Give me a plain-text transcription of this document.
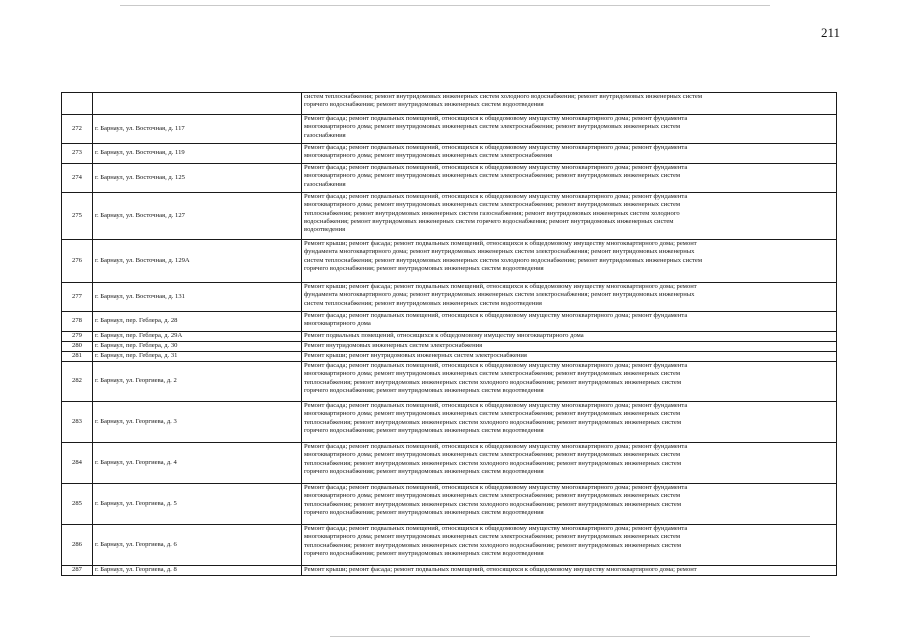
211
		систем теплоснабжения; ремонт внутридомовых инженерных систем холодного водоснабжения; ремонт внутридомовых инженерных систем
горячего водоснабжения; ремонт внутридомовых инженерных систем водоотведения
272	г. Барнаул, ул. Восточная, д. 117	Ремонт фасада; ремонт подвальных помещений, относящихся к общедомовому имуществу многоквартирного дома; ремонт фундамента
многоквартирного дома; ремонт внутридомовых инженерных систем электроснабжения; ремонт внутридомовых инженерных систем
газоснабжения
273	г. Барнаул, ул. Восточная, д. 119	Ремонт фасада; ремонт подвальных помещений, относящихся к общедомовому имуществу многоквартирного дома; ремонт фундамента
многоквартирного дома; ремонт внутридомовых инженерных систем электроснабжения
274	г. Барнаул, ул. Восточная, д. 125	Ремонт фасада; ремонт подвальных помещений, относящихся к общедомовому имуществу многоквартирного дома; ремонт фундамента
многоквартирного дома; ремонт внутридомовых инженерных систем электроснабжения; ремонт внутридомовых инженерных систем
газоснабжения
275	г. Барнаул, ул. Восточная, д. 127	Ремонт фасада; ремонт подвальных помещений, относящихся к общедомовому имуществу многоквартирного дома; ремонт фундамента
многоквартирного дома; ремонт внутридомовых инженерных систем электроснабжения; ремонт внутридомовых инженерных систем
теплоснабжения; ремонт внутридомовых инженерных систем газоснабжения; ремонт внутридомовых инженерных систем холодного
водоснабжения; ремонт внутридомовых инженерных систем горячего водоснабжения; ремонт внутридомовых инженерных систем
водоотведения
276	г. Барнаул, ул. Восточная, д. 129А	Ремонт крыши; ремонт фасада; ремонт подвальных помещений, относящихся к общедомовому имуществу многоквартирного дома; ремонт
фундамента многоквартирного дома; ремонт внутридомовых инженерных систем электроснабжения; ремонт внутридомовых инженерных
систем теплоснабжения; ремонт внутридомовых инженерных систем холодного водоснабжения; ремонт внутридомовых инженерных систем
горячего водоснабжения; ремонт внутридомовых инженерных систем водоотведения
277	г. Барнаул, ул. Восточная, д. 131	Ремонт крыши; ремонт фасада; ремонт подвальных помещений, относящихся к общедомовому имуществу многоквартирного дома; ремонт
фундамента многоквартирного дома; ремонт внутридомовых инженерных систем электроснабжения; ремонт внутридомовых инженерных
систем теплоснабжения; ремонт внутридомовых инженерных систем водоотведения
278	г. Барнаул, пер. Геблера, д. 28	Ремонт фасада; ремонт подвальных помещений, относящихся к общедомовому имуществу многоквартирного дома; ремонт фундамента
многоквартирного дома
279	г. Барнаул, пер. Геблера, д. 29А	Ремонт подвальных помещений, относящихся к общедомовому имуществу многоквартирного дома
280	г. Барнаул, пер. Геблера, д. 30	Ремонт внутридомовых инженерных систем электроснабжения
281	г. Барнаул, пер. Геблера, д. 31	Ремонт крыши; ремонт внутридомовых инженерных систем электроснабжения
282	г. Барнаул, ул. Георгиева, д. 2	Ремонт фасада; ремонт подвальных помещений, относящихся к общедомовому имуществу многоквартирного дома; ремонт фундамента
многоквартирного дома; ремонт внутридомовых инженерных систем электроснабжения; ремонт внутридомовых инженерных систем
теплоснабжения; ремонт внутридомовых инженерных систем холодного водоснабжения; ремонт внутридомовых инженерных систем
горячего водоснабжения; ремонт внутридомовых инженерных систем водоотведения
283	г. Барнаул, ул. Георгиева, д. 3	Ремонт фасада; ремонт подвальных помещений, относящихся к общедомовому имуществу многоквартирного дома; ремонт фундамента
многоквартирного дома; ремонт внутридомовых инженерных систем электроснабжения; ремонт внутридомовых инженерных систем
теплоснабжения; ремонт внутридомовых инженерных систем холодного водоснабжения; ремонт внутридомовых инженерных систем
горячего водоснабжения; ремонт внутридомовых инженерных систем водоотведения
284	г. Барнаул, ул. Георгиева, д. 4	Ремонт фасада; ремонт подвальных помещений, относящихся к общедомовому имуществу многоквартирного дома; ремонт фундамента
многоквартирного дома; ремонт внутридомовых инженерных систем электроснабжения; ремонт внутридомовых инженерных систем
теплоснабжения; ремонт внутридомовых инженерных систем холодного водоснабжения; ремонт внутридомовых инженерных систем
горячего водоснабжения; ремонт внутридомовых инженерных систем водоотведения
285	г. Барнаул, ул. Георгиева, д. 5	Ремонт фасада; ремонт подвальных помещений, относящихся к общедомовому имуществу многоквартирного дома; ремонт фундамента
многоквартирного дома; ремонт внутридомовых инженерных систем электроснабжения; ремонт внутридомовых инженерных систем
теплоснабжения; ремонт внутридомовых инженерных систем холодного водоснабжения; ремонт внутридомовых инженерных систем
горячего водоснабжения; ремонт внутридомовых инженерных систем водоотведения
286	г. Барнаул, ул. Георгиева, д. 6	Ремонт фасада; ремонт подвальных помещений, относящихся к общедомовому имуществу многоквартирного дома; ремонт фундамента
многоквартирного дома; ремонт внутридомовых инженерных систем электроснабжения; ремонт внутридомовых инженерных систем
теплоснабжения; ремонт внутридомовых инженерных систем холодного водоснабжения; ремонт внутридомовых инженерных систем
горячего водоснабжения; ремонт внутридомовых инженерных систем водоотведения
287	г. Барнаул, ул. Георгиева, д. 8	Ремонт крыши; ремонт фасада; ремонт подвальных помещений, относящихся к общедомовому имуществу многоквартирного дома; ремонт
